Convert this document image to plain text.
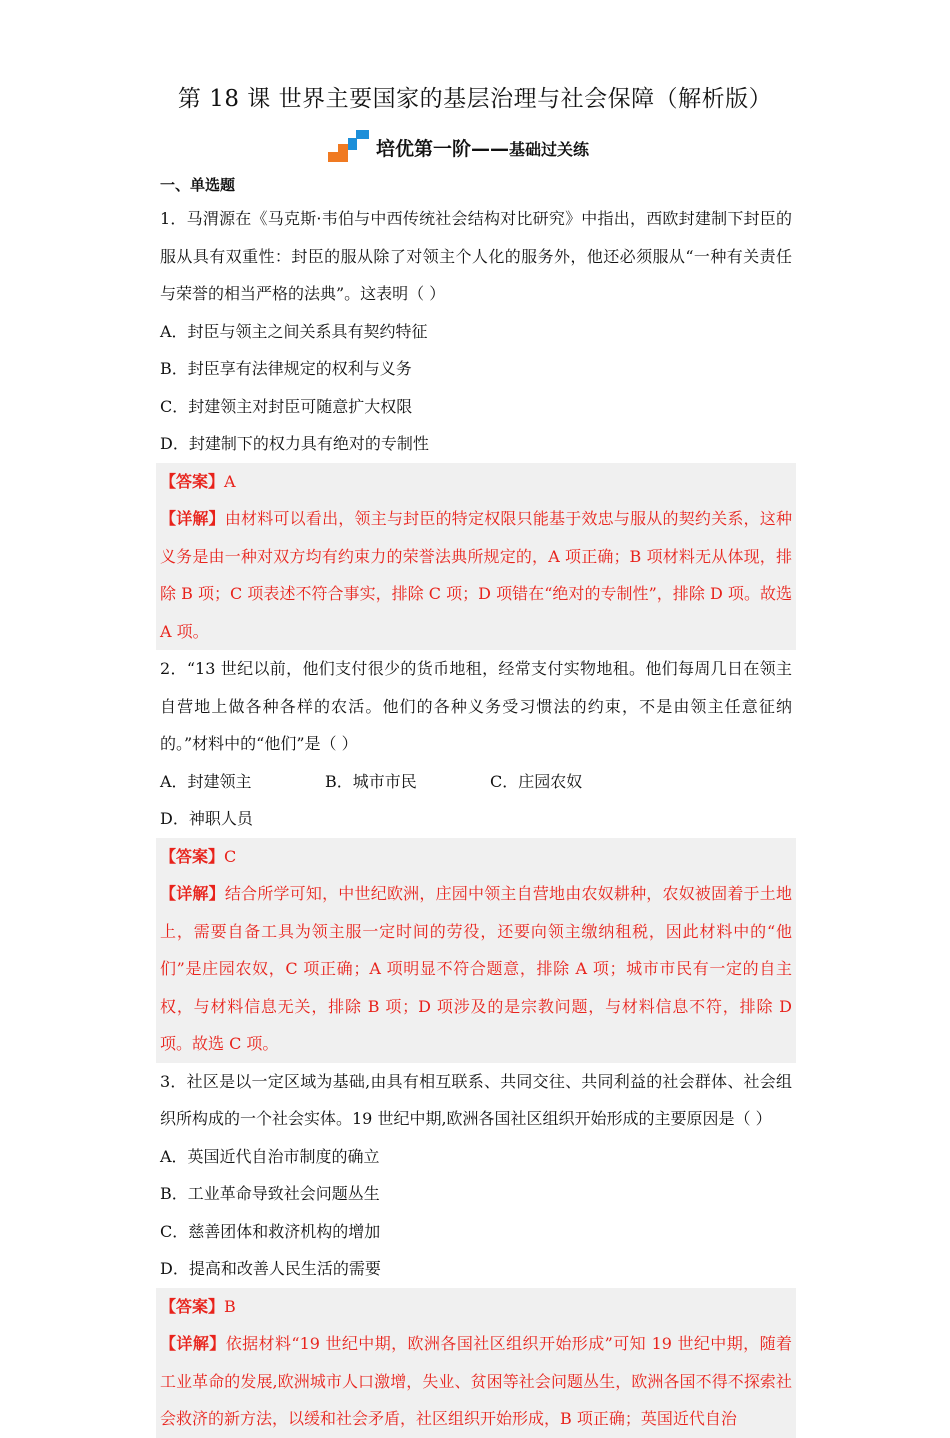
第 18 课 世界主要国家的基层治理与社会保障（解析版）
培优第一阶——基础过关练
一、单选题

1．马渭源在《马克斯·韦伯与中西传统社会结构对比研究》中指出，西欧封建制下封臣的服从具有双重性：封臣的服从除了对领主个人化的服务外，他还必须服从“一种有关责任与荣誉的相当严格的法典”。这表明（ ）

A．封臣与领主之间关系具有契约特征
B．封臣享有法律规定的权利与义务
C．封建领主对封臣可随意扩大权限
D．封建制下的权力具有绝对的专制性

【答案】A

【详解】由材料可以看出，领主与封臣的特定权限只能基于效忠与服从的契约关系，这种义务是由一种对双方均有约束力的荣誉法典所规定的，A 项正确；B 项材料无从体现，排除 B 项；C 项表述不符合事实，排除 C 项；D 项错在“绝对的专制性”，排除 D 项。故选 A 项。

2．“13 世纪以前，他们支付很少的货币地租，经常支付实物地租。他们每周几日在领主自营地上做各种各样的农活。他们的各种义务受习惯法的约束，不是由领主任意征纳的。”材料中的“他们”是（ ）

A．封建领主	B．城市市民	C．庄园农奴
D．神职人员

【答案】C

【详解】结合所学可知，中世纪欧洲，庄园中领主自营地由农奴耕种，农奴被固着于土地上，需要自备工具为领主服一定时间的劳役，还要向领主缴纳租税，因此材料中的“他们”是庄园农奴，C 项正确；A 项明显不符合题意，排除 A 项；城市市民有一定的自主权，与材料信息无关，排除 B 项；D 项涉及的是宗教问题，与材料信息不符，排除 D 项。故选 C 项。

3．社区是以一定区域为基础,由具有相互联系、共同交往、共同利益的社会群体、社会组织所构成的一个社会实体。19 世纪中期,欧洲各国社区组织开始形成的主要原因是（ ）

A．英国近代自治市制度的确立
B．工业革命导致社会问题丛生
C．慈善团体和救济机构的增加
D．提高和改善人民生活的需要

【答案】B

【详解】依据材料“19 世纪中期，欧洲各国社区组织开始形成”可知 19 世纪中期，随着工业革命的发展,欧洲城市人口激增，失业、贫困等社会问题丛生，欧洲各国不得不探索社会救济的新方法，以缓和社会矛盾，社区组织开始形成，B 项正确；英国近代自治
